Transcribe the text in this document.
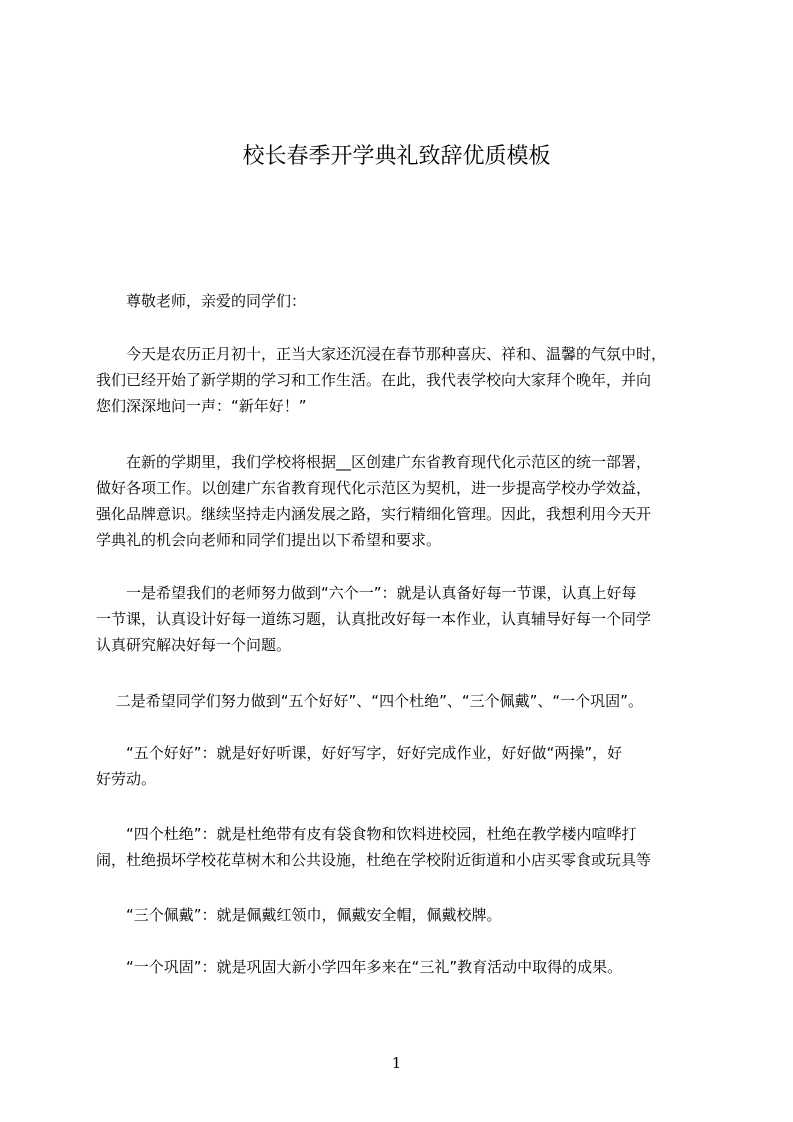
校长春季开学典礼致辞优质模板
　　尊敬老师，亲爱的同学们：
　　今天是农历正月初十，正当大家还沉浸在春节那种喜庆、祥和、温馨的气氛中时，
我们已经开始了新学期的学习和工作生活。在此，我代表学校向大家拜个晚年，并向
您们深深地问一声：“新年好！”
　　在新的学期里，我们学校将根据__区创建广东省教育现代化示范区的统一部署，
做好各项工作。以创建广东省教育现代化示范区为契机，进一步提高学校办学效益，
强化品牌意识。继续坚持走内涵发展之路，实行精细化管理。因此，我想利用今天开
学典礼的机会向老师和同学们提出以下希望和要求。
　　一是希望我们的老师努力做到“六个一”：就是认真备好每一节课，认真上好每
一节课，认真设计好每一道练习题，认真批改好每一本作业，认真辅导好每一个同学
认真研究解决好每一个问题。
　 二是希望同学们努力做到“五个好好”、“四个杜绝”、“三个佩戴”、“一个巩固”。
　　“五个好好”：就是好好听课，好好写字，好好完成作业，好好做“两操”，好
好劳动。
　　“四个杜绝”：就是杜绝带有皮有袋食物和饮料进校园，杜绝在教学楼内喧哗打
闹，杜绝损坏学校花草树木和公共设施，杜绝在学校附近街道和小店买零食或玩具等
　　“三个佩戴”：就是佩戴红领巾，佩戴安全帽，佩戴校牌。
　　“一个巩固”：就是巩固大新小学四年多来在“三礼”教育活动中取得的成果。
1
